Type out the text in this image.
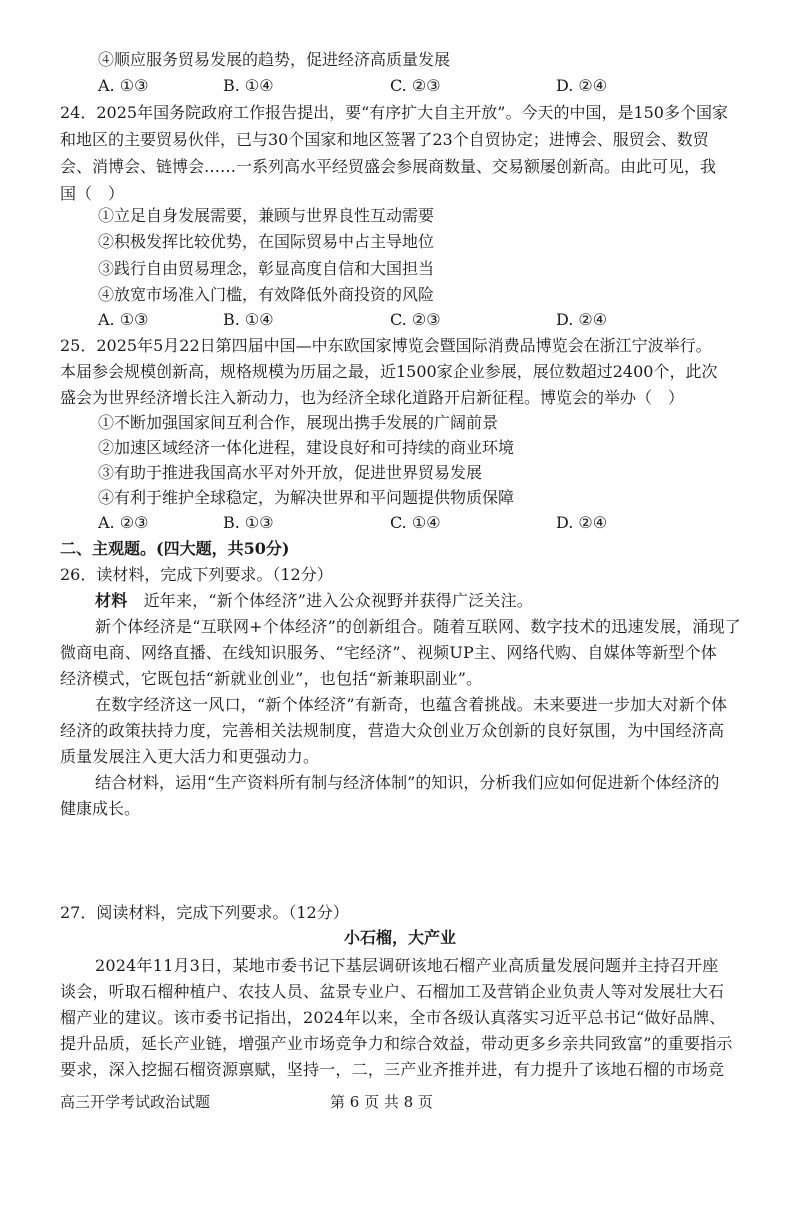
④顺应服务贸易发展的趋势，促进经济高质量发展
A. ①③	B. ①④	C. ②③	D. ②④
24．2025年国务院政府工作报告提出，要“有序扩大自主开放”。今天的中国，是150多个国家
和地区的主要贸易伙伴，已与30个国家和地区签署了23个自贸协定；进博会、服贸会、数贸
会、消博会、链博会……一系列高水平经贸盛会参展商数量、交易额屡创新高。由此可见，我
国（　）
①立足自身发展需要，兼顾与世界良性互动需要
②积极发挥比较优势，在国际贸易中占主导地位
③践行自由贸易理念，彰显高度自信和大国担当
④放宽市场准入门槛，有效降低外商投资的风险
A. ①③	B. ①④	C. ②③	D. ②④
25．2025年5月22日第四届中国—中东欧国家博览会暨国际消费品博览会在浙江宁波举行。
本届参会规模创新高，规格规模为历届之最，近1500家企业参展，展位数超过2400个，此次
盛会为世界经济增长注入新动力，也为经济全球化道路开启新征程。博览会的举办（　）
①不断加强国家间互利合作，展现出携手发展的广阔前景
②加速区域经济一体化进程，建设良好和可持续的商业环境
③有助于推进我国高水平对外开放，促进世界贸易发展
④有利于维护全球稳定，为解决世界和平问题提供物质保障
A. ②③	B. ①③	C. ①④	D. ②④
二、主观题。(四大题，共50分)
26．读材料，完成下列要求。（12分）
材料　近年来，“新个体经济”进入公众视野并获得广泛关注。
新个体经济是“互联网+个体经济”的创新组合。随着互联网、数字技术的迅速发展，涌现了
微商电商、网络直播、在线知识服务、“宅经济”、视频UP主、网络代购、自媒体等新型个体
经济模式，它既包括“新就业创业”，也包括“新兼职副业”。
在数字经济这一风口，“新个体经济”有新奇，也蕴含着挑战。未来要进一步加大对新个体
经济的政策扶持力度，完善相关法规制度，营造大众创业万众创新的良好氛围，为中国经济高
质量发展注入更大活力和更强动力。
结合材料，运用“生产资料所有制与经济体制”的知识，分析我们应如何促进新个体经济的
健康成长。
27．阅读材料，完成下列要求。（12分）
小石榴，大产业
2024年11月3日，某地市委书记下基层调研该地石榴产业高质量发展问题并主持召开座
谈会，听取石榴种植户、农技人员、盆景专业户、石榴加工及营销企业负责人等对发展壮大石
榴产业的建议。该市委书记指出，2024年以来，全市各级认真落实习近平总书记“做好品牌、
提升品质，延长产业链，增强产业市场竞争力和综合效益，带动更多乡亲共同致富”的重要指示
要求，深入挖掘石榴资源禀赋，坚持一，二，三产业齐推并进，有力提升了该地石榴的市场竞
高三开学考试政治试题	第 6 页 共 8 页
